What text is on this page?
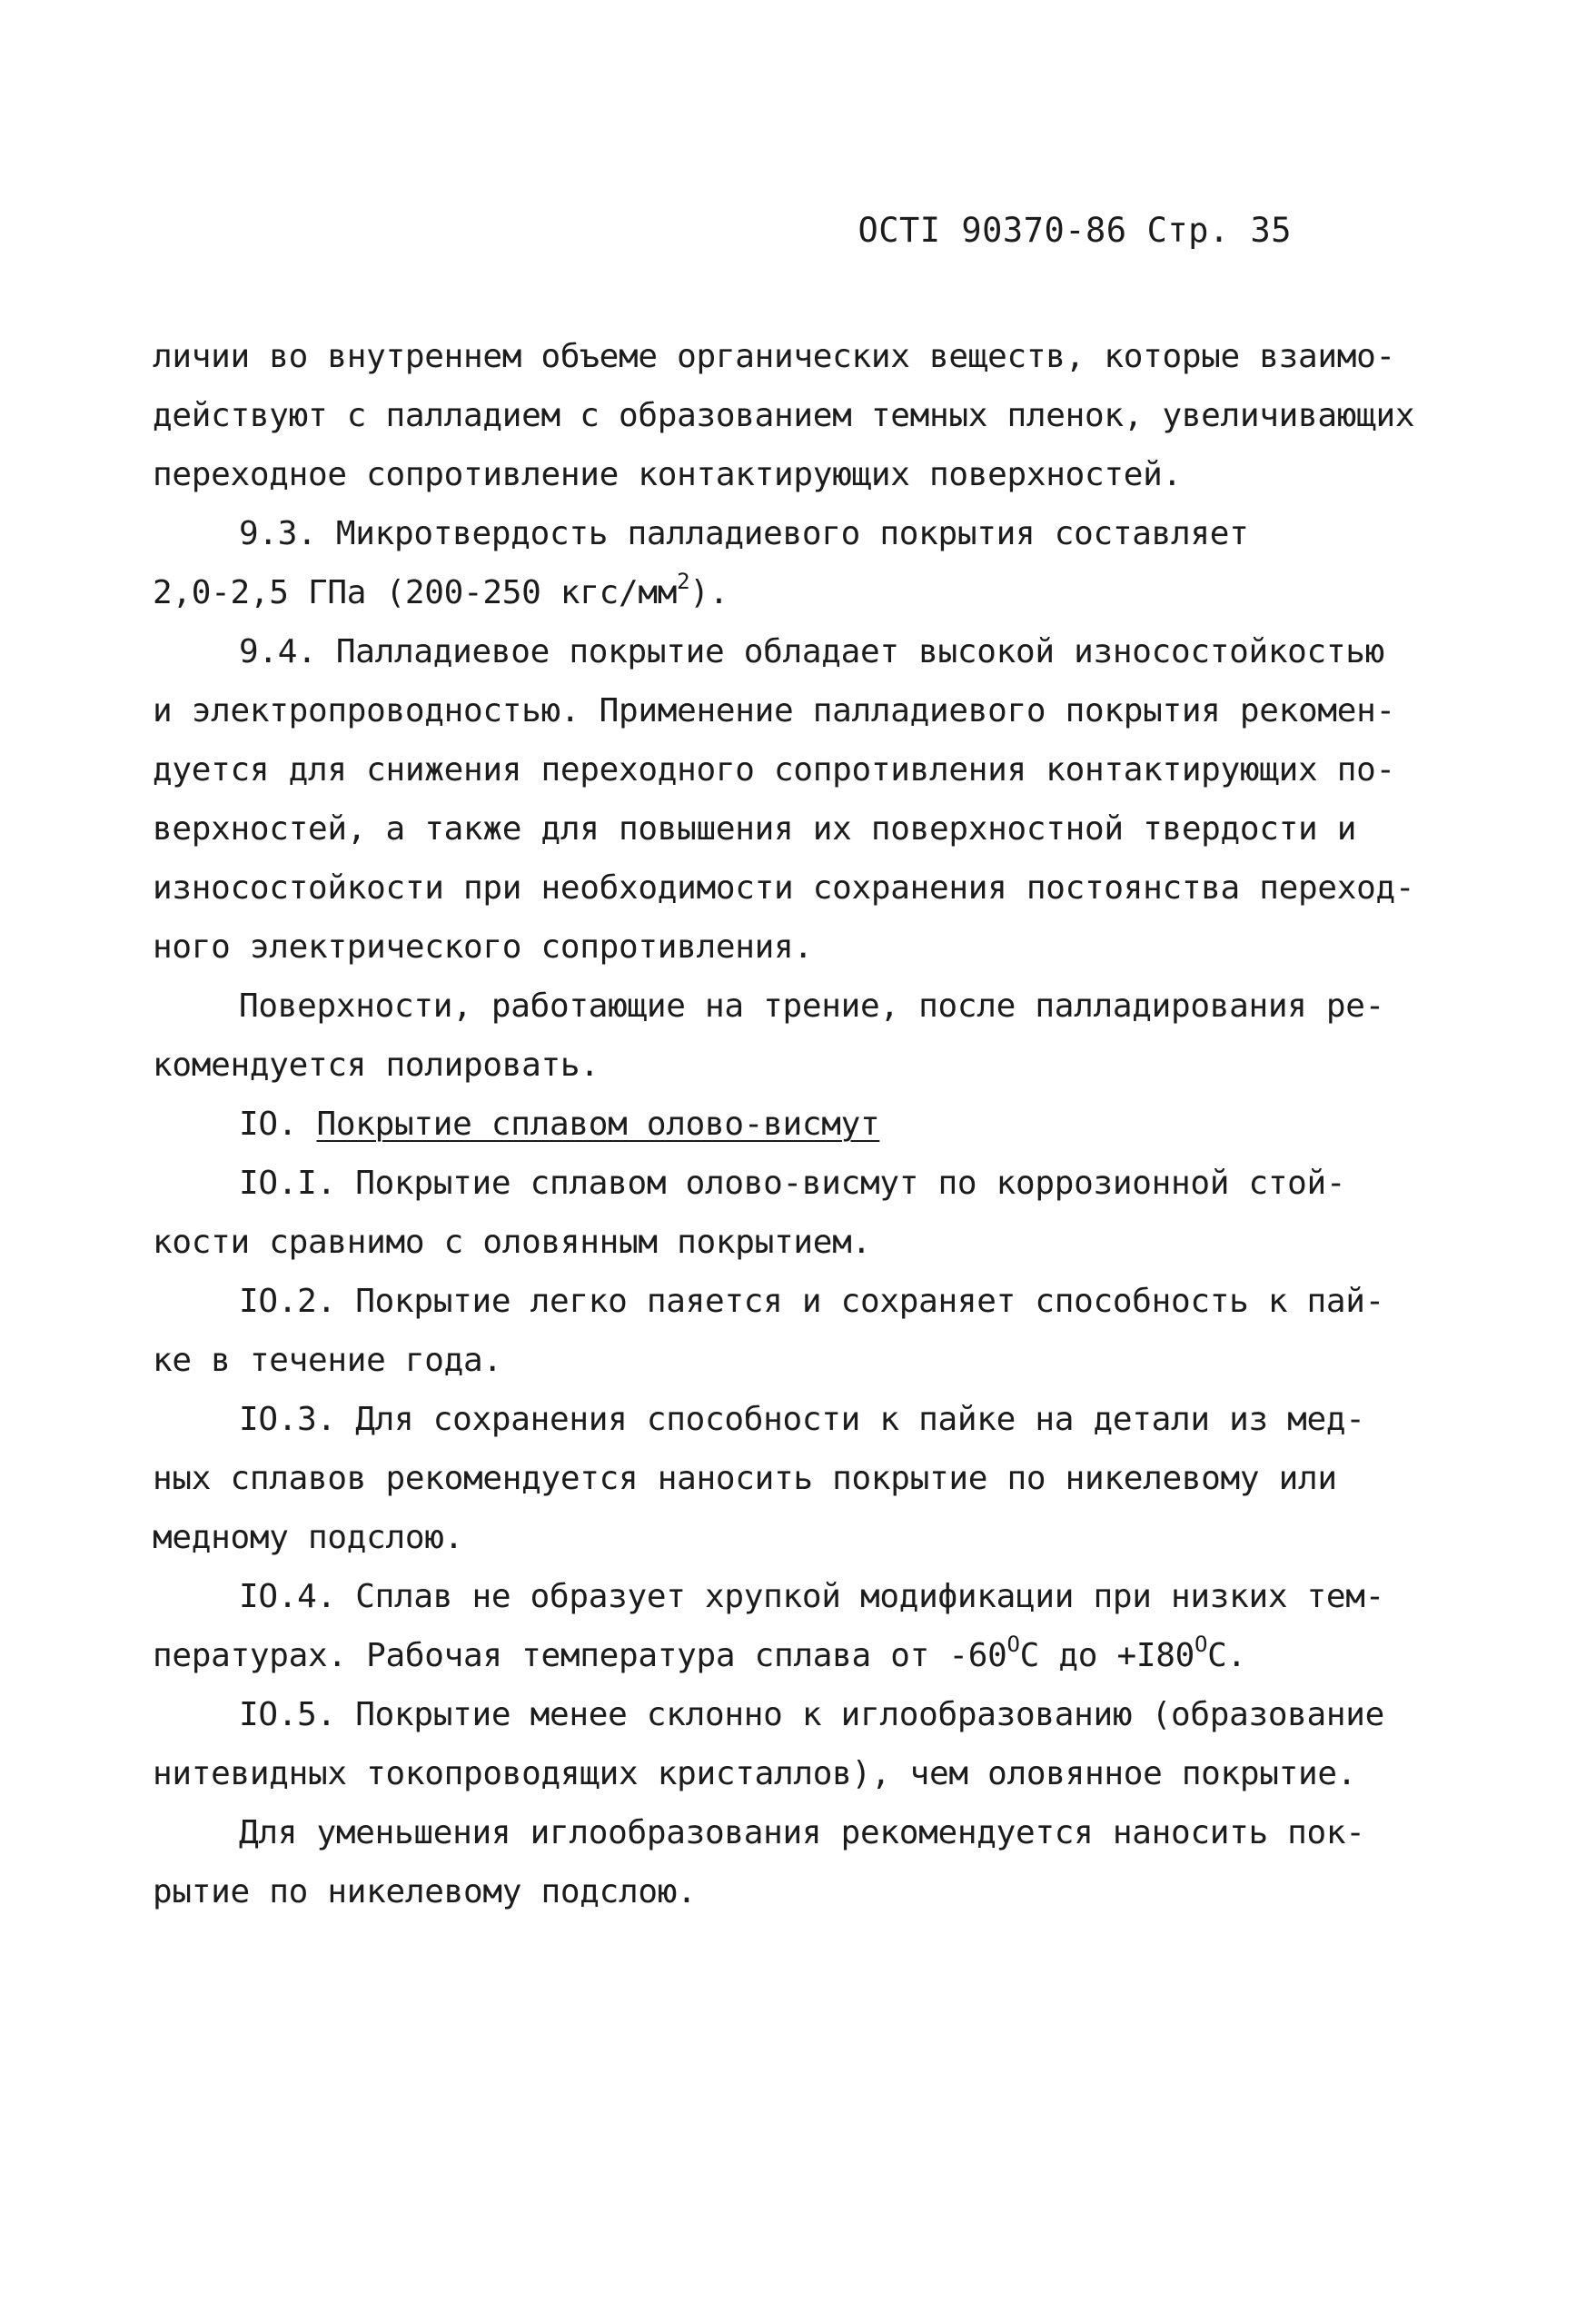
ОСТI 90370-86 Стр. 35
личии во внутреннем объеме органических веществ, которые взаимо-
действуют с палладием с образованием темных пленок, увеличивающих
переходное сопротивление контактирующих поверхностей.
9.3. Микротвердость палладиевого покрытия составляет
2,0-2,5 ГПа (200-250 кгс/$мм^2$).
9.4. Палладиевое покрытие обладает высокой износостойкостью
и электропроводностью. Применение палладиевого покрытия рекомен-
дуется для снижения переходного сопротивления контактирующих по-
верхностей, а также для повышения их поверхностной твердости и
износостойкости при необходимости сохранения постоянства переход-
ного электрического сопротивления.
Поверхности, работающие на трение, после палладирования ре-
комендуется полировать.
IO. Покрытие сплавом олово-висмут
IO.I. Покрытие сплавом олово-висмут по коррозионной стой-
кости сравнимо с оловянным покрытием.
IO.2. Покрытие легко паяется и сохраняет способность к пай-
ке в течение года.
IO.3. Для сохранения способности к пайке на детали из мед-
ных сплавов рекомендуется наносить покрытие по никелевому или
медному подслою.
IO.4. Сплав не образует хрупкой модификации при низких тем-
пературах. Рабочая температура сплава от $-60^ОС$ до $+I80^ОС$.
IO.5. Покрытие менее склонно к иглообразованию (образование
нитевидных токопроводящих кристаллов), чем оловянное покрытие.
Для уменьшения иглообразования рекомендуется наносить пок-
рытие по никелевому подслою.
